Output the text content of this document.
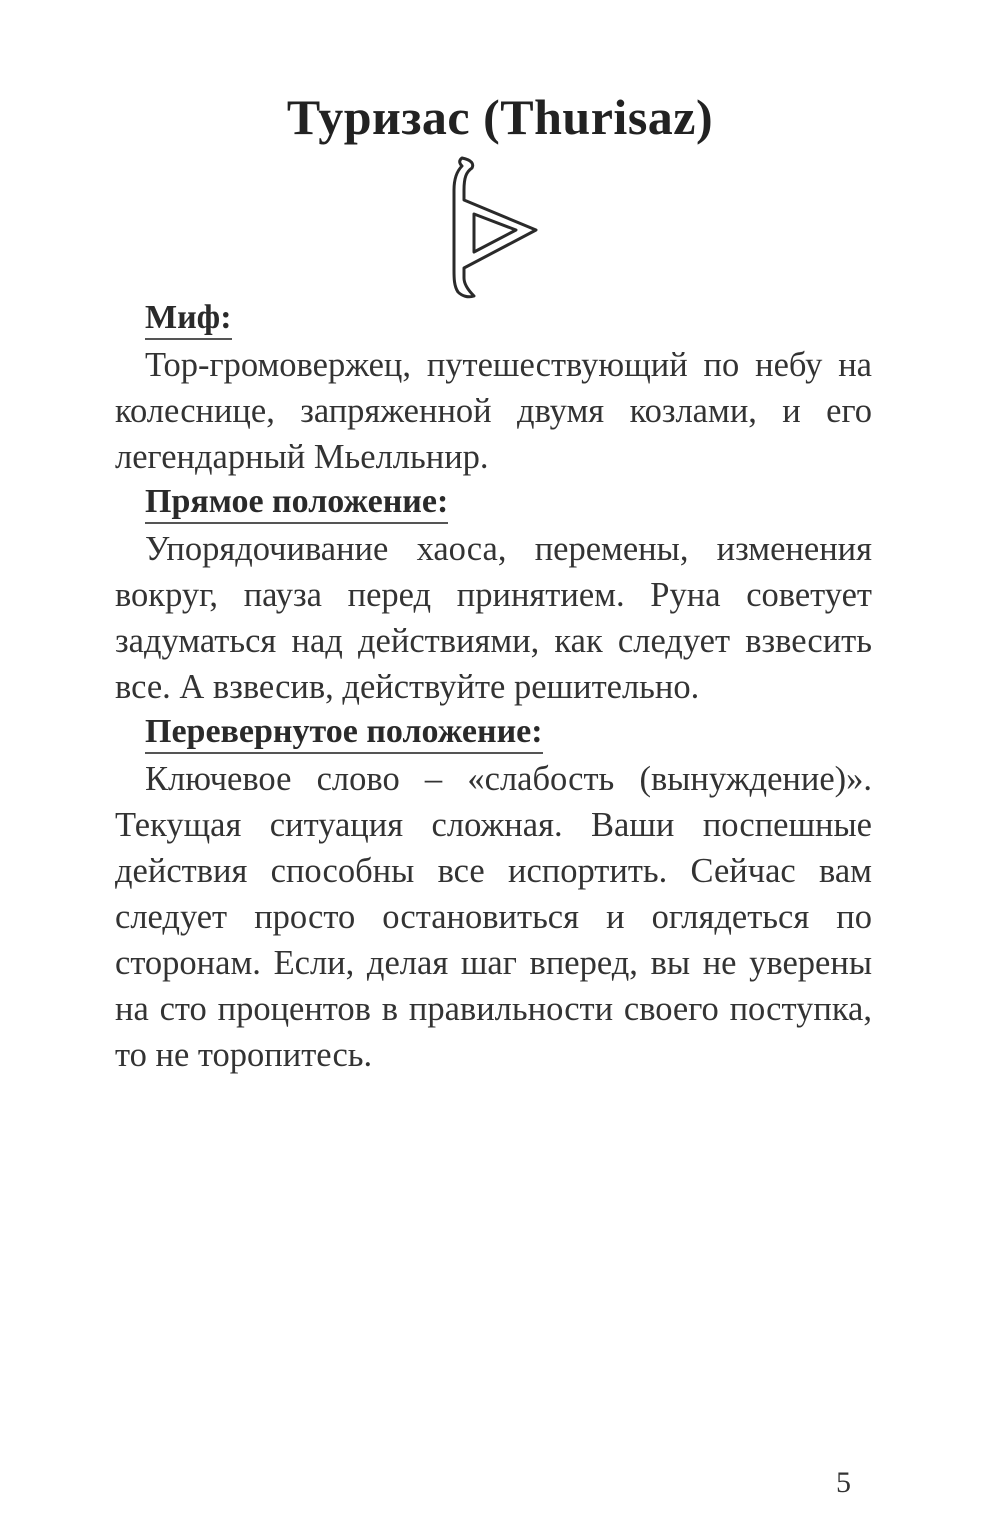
Туризас (Thurisaz)
Миф:

Тор-громовержец, путешествующий по небу на колеснице, запряженной двумя козлами, и его легендарный Мьелльнир.

Прямое положение:

Упорядочивание хаоса, перемены, изменения вокруг, пауза перед принятием. Руна советует задуматься над действиями, как следует взвесить все. А взвесив, действуйте решительно.

Перевернутое положение:

Ключевое слово – «слабость (вынуждение)». Текущая ситуация сложная. Ваши поспешные действия способны все испортить. Сейчас вам следует просто остановиться и оглядеться по сторонам. Если, делая шаг вперед, вы не уверены на сто процентов в правильности своего поступка, то не торопитесь.

5
